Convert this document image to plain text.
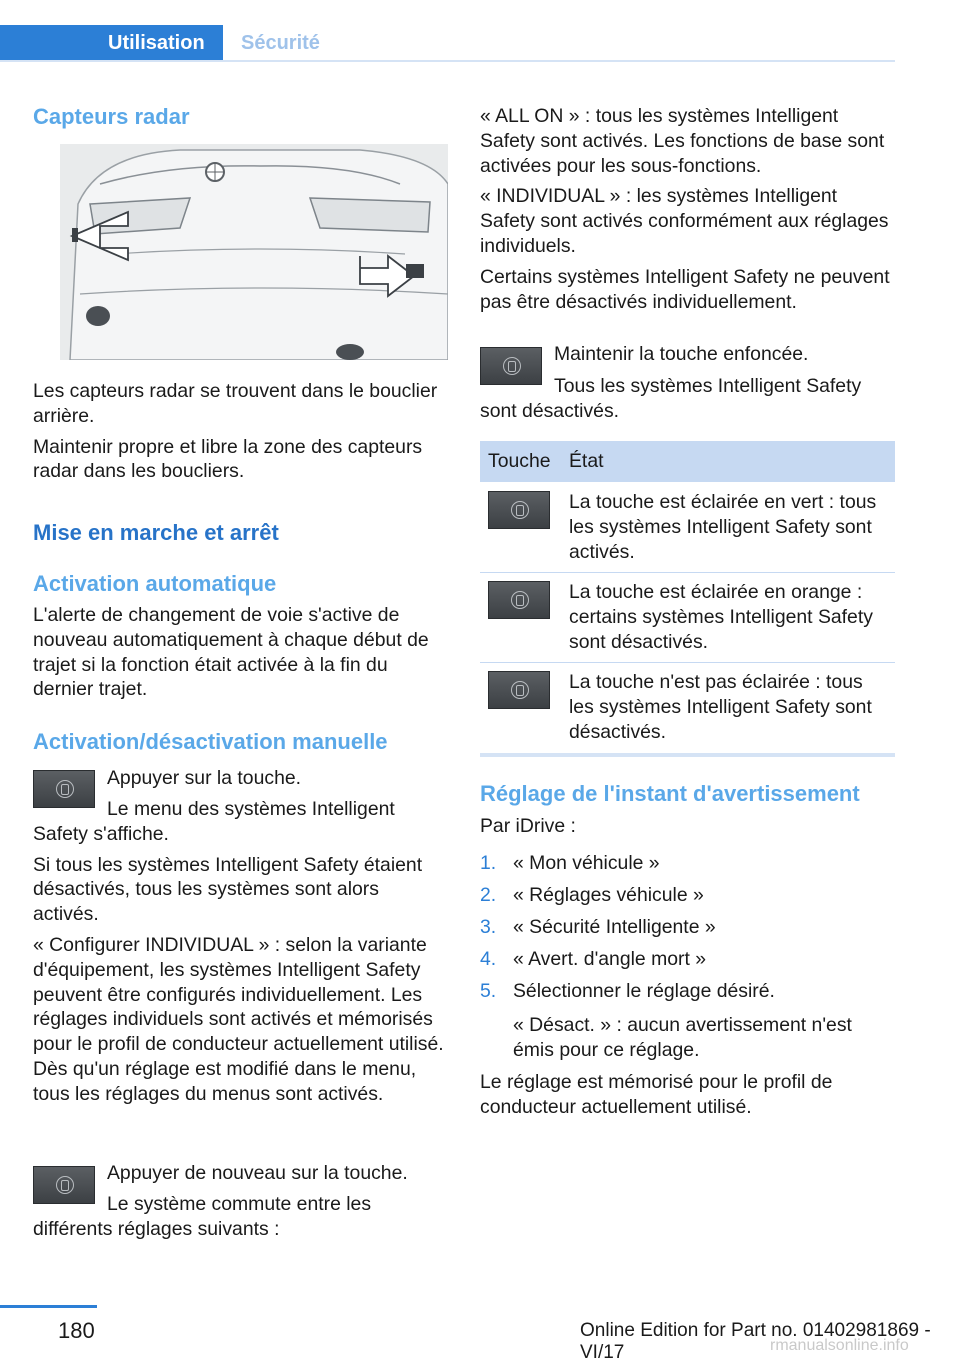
Utilisation	Sécurité
Capteurs radar

Les capteurs radar se trouvent dans le bouclier arrière.

Maintenir propre et libre la zone des capteurs radar dans les boucliers.

Mise en marche et arrêt
Activation automatique

L'alerte de changement de voie s'active de nouveau automatiquement à chaque début de trajet si la fonction était activée à la fin du dernier trajet.

Activation/désactivation manuelle

Appuyer sur la touche.

Le menu des systèmes Intelligent Safety s'affiche.

Si tous les systèmes Intelligent Safety étaient désactivés, tous les systèmes sont alors activés.

« Configurer INDIVIDUAL » : selon la variante d'équipement, les systèmes Intelligent Safety peuvent être configurés individuellement. Les réglages individuels sont activés et mémorisés pour le profil de conducteur actuellement utilisé. Dès qu'un réglage est modifié dans le menu, tous les réglages du menus sont activés.

Appuyer de nouveau sur la touche.

Le système commute entre les différents réglages suivants :

« ALL ON » : tous les systèmes Intelligent Safety sont activés. Les fonctions de base sont activées pour les sous-fonctions.

« INDIVIDUAL » : les systèmes Intelligent Safety sont activés conformément aux réglages individuels.

Certains systèmes Intelligent Safety ne peuvent pas être désactivés individuellement.

Maintenir la touche enfoncée.

Tous les systèmes Intelligent Safety sont désactivés.

Touche État

La touche est éclairée en vert : tous les systèmes Intelligent Safety sont activés.

La touche est éclairée en orange : certains systèmes Intelligent Safety sont désactivés.

La touche n'est pas éclairée : tous les systèmes Intelligent Safety sont désactivés.

Réglage de l'instant d'avertissement

Par iDrive :

1. « Mon véhicule »
2. « Réglages véhicule »
3. « Sécurité Intelligente »
4. « Avert. d'angle mort »
5. Sélectionner le réglage désiré.

« Désact. » : aucun avertissement n'est émis pour ce réglage.

Le réglage est mémorisé pour le profil de conducteur actuellement utilisé.

180	Online Edition for Part no. 01402981869 - VI/17	rmanualsonline.info
